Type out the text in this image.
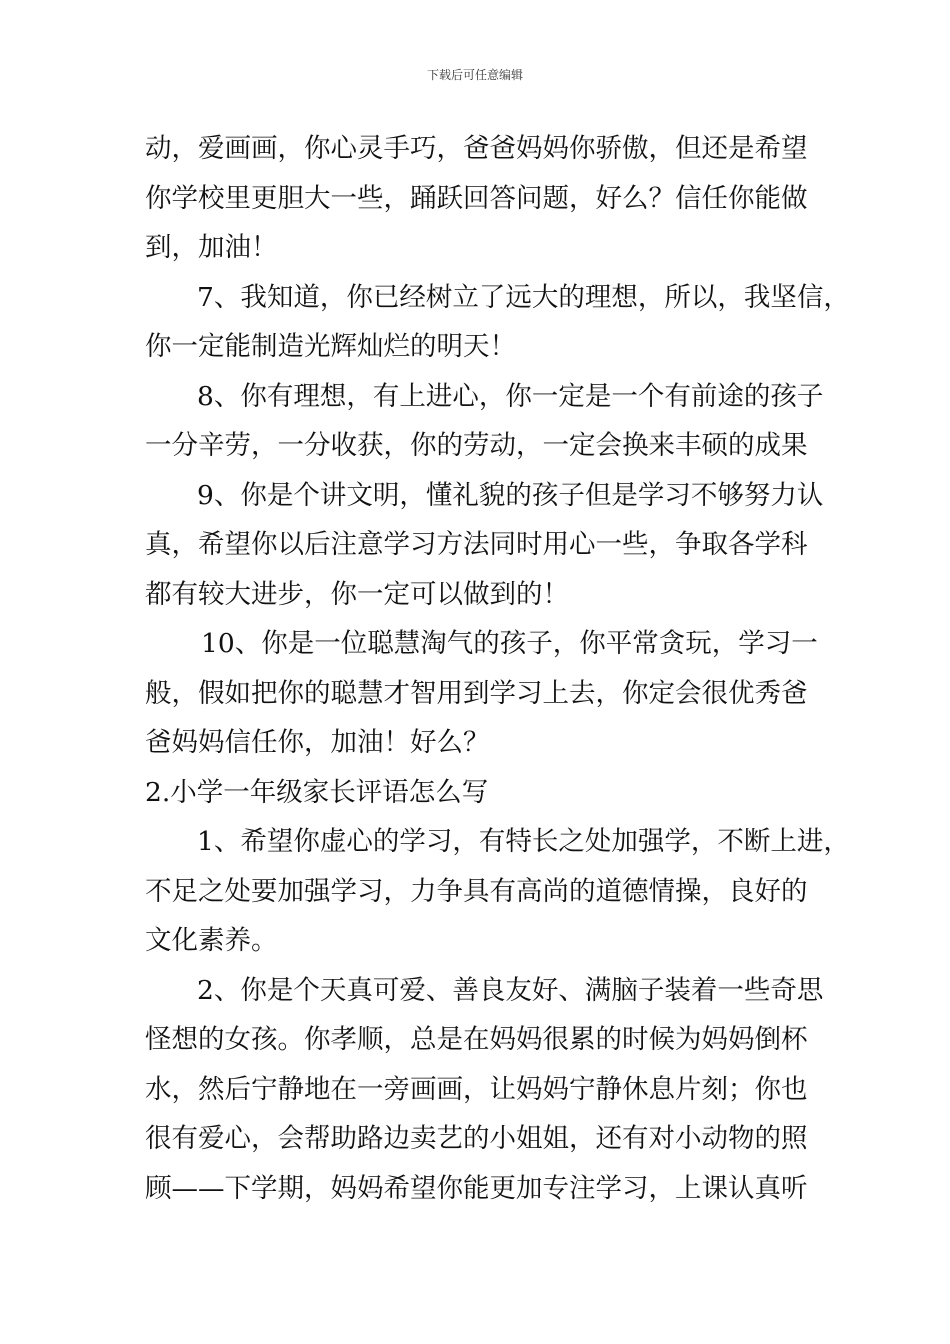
下载后可任意编辑
动，爱画画，你心灵手巧，爸爸妈妈你骄傲，但还是希望
你学校里更胆大一些，踊跃回答问题，好么？信任你能做
到，加油！
7、我知道，你已经树立了远大的理想，所以，我坚信，
你一定能制造光辉灿烂的明天！
8、你有理想，有上进心，你一定是一个有前途的孩子
一分辛劳，一分收获，你的劳动，一定会换来丰硕的成果
9、你是个讲文明，懂礼貌的孩子但是学习不够努力认
真，希望你以后注意学习方法同时用心一些，争取各学科
都有较大进步，你一定可以做到的！
10、你是一位聪慧淘气的孩子，你平常贪玩，学习一
般，假如把你的聪慧才智用到学习上去，你定会很优秀爸
爸妈妈信任你，加油！好么？
2.小学一年级家长评语怎么写
1、希望你虚心的学习，有特长之处加强学，不断上进，
不足之处要加强学习，力争具有高尚的道德情操，良好的
文化素养。
2、你是个天真可爱、善良友好、满脑子装着一些奇思
怪想的女孩。你孝顺，总是在妈妈很累的时候为妈妈倒杯
水，然后宁静地在一旁画画，让妈妈宁静休息片刻；你也
很有爱心，会帮助路边卖艺的小姐姐，还有对小动物的照
顾——下学期，妈妈希望你能更加专注学习，上课认真听
